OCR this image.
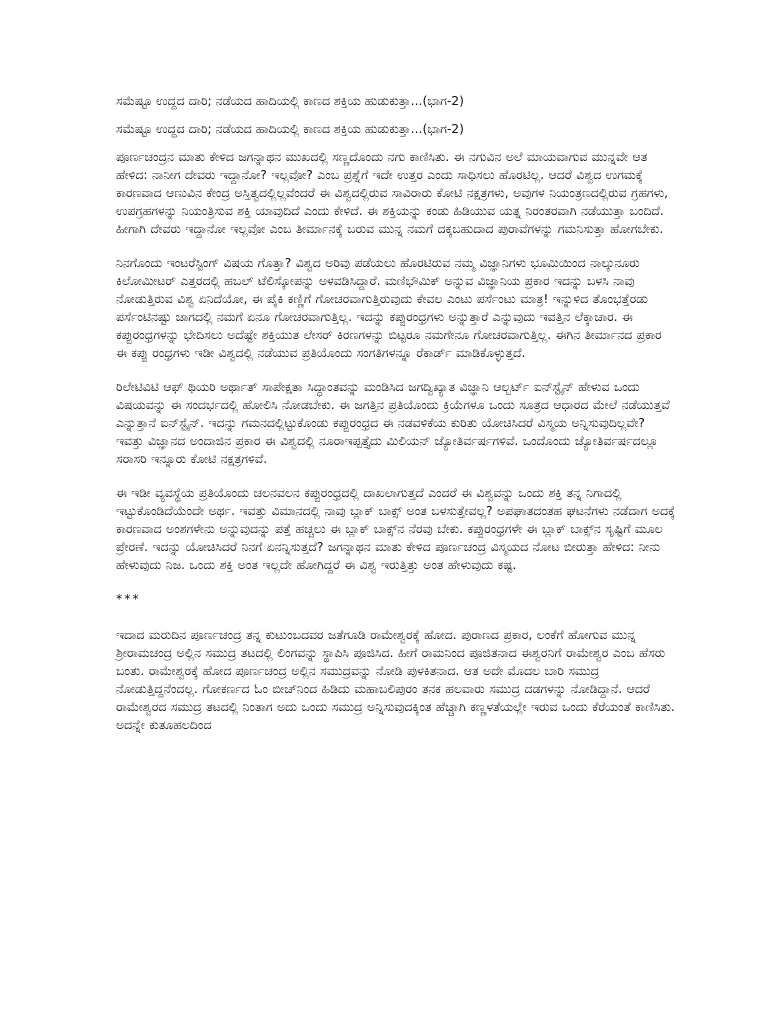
ಸಮೆಷ್ಟೂ ಉದ್ದದ ದಾರಿ; ನಡೆಯದ ಹಾದಿಯಲ್ಲಿ ಕಾಣದ ಶಕ್ತಿಯ ಹುಡುಕುತ್ತಾ...(ಭಾಗ-2)
ಸಮೆಷ್ಟೂ ಉದ್ದದ ದಾರಿ; ನಡೆಯದ ಹಾದಿಯಲ್ಲಿ ಕಾಣದ ಶಕ್ತಿಯ ಹುಡುಕುತ್ತಾ...(ಭಾಗ-2)

ಪೂರ್ಣಚಂದ್ರನ ಮಾತು ಕೇಳಿದ ಜಗನ್ನಾಥನ ಮುಖದಲ್ಲಿ ಸಣ್ಣದೊಂದು ನಗು ಕಾಣಿಸಿತು. ಈ ನಗುವಿನ ಅಲೆ ಮಾಯವಾಗುವ ಮುನ್ನವೇ ಆತ ಹೇಳಿದ: ನಾನೀಗ ದೇವರು ಇದ್ದಾನೋ? ಇಲ್ಲವೋ? ಎಂಬ ಪ್ರಶ್ನೆಗೆ ಇದೇ ಉತ್ತರ ಎಂದು ಸಾಧಿಸಲು ಹೊರಟಿಲ್ಲ. ಆದರೆ ವಿಶ್ವದ ಉಗಮಕ್ಕೆ ಕಾರಣವಾದ ಆಣುವಿನ ಕೇಂದ್ರ ಅಸ್ತಿತ್ವದಲ್ಲಿಲ್ಲವೆಂದರೆ ಈ ವಿಶ್ವದಲ್ಲಿರುವ ಸಾವಿರಾರು ಕೋಟಿ ನಕ್ಷತ್ರಗಳು, ಅವುಗಳ ನಿಯಂತ್ರಣದಲ್ಲಿರುವ ಗ್ರಹಗಳು, ಉಪಗ್ರಹಗಳನ್ನು ನಿಯಂತ್ರಿಸುವ ಶಕ್ತಿ ಯಾವುದಿದೆ ಎಂದು ಕೇಳಿದೆ. ಈ ಶಕ್ತಿಯನ್ನು ಕಂಡು ಹಿಡಿಯುವ ಯತ್ನ ನಿರಂತರವಾಗಿ ನಡೆಯುತ್ತಾ ಬಂದಿದೆ. ಹೀಗಾಗಿ ದೇವರು ಇದ್ದಾನೋ ಇಲ್ಲವೋ ಎಂಬ ತೀರ್ಮಾನಕ್ಕೆ ಬರುವ ಮುನ್ನ ನಮಗೆ ದಕ್ಕಬಹುದಾದ ಪುರಾವೆಗಳನ್ನು ಗಮನಿಸುತ್ತಾ ಹೋಗಬೇಕು.

ನಿನಗೊಂದು ಇಂಟರೆಸ್ಟಿಂಗ್ ವಿಷಯ ಗೊತ್ತಾ? ವಿಶ್ವದ ಅರಿವು ಪಡೆಯಲು ಹೊರಟಿರುವ ನಮ್ಮ ವಿಜ್ಞಾನಿಗಳು ಭೂಮಿಯಿಂದ ನಾಲ್ಕುನೂರು ಕಿಲೋಮೀಟರ್ ಎತ್ತರದಲ್ಲಿ ಹಬಲ್ ಟೆಲಿಸ್ಕೋಪನ್ನು ಅಳವಡಿಸಿದ್ದಾರೆ. ಮಣಿಭೌಮಿಕ್ ಅನ್ನುವ ವಿಜ್ಞಾನಿಯ ಪ್ರಕಾರ ಇದನ್ನು ಬಳಸಿ ನಾವು ನೋಡುತ್ತಿರುವ ವಿಶ್ವ ಏನಿದೆಯೋ, ಈ ಪೈಕಿ ಕಣ್ಣಿಗೆ ಗೋಚರವಾಗುತ್ತಿರುವುದು ಕೇವಲ ಎಂಟು ಪರ್ಸೆಂಟು ಮಾತ್ರ! ಇನ್ನುಳಿದ ತೊಂಭತ್ತೆರಡು ಪರ್ಸೆಂಟಿನಷ್ಟು ಜಾಗದಲ್ಲಿ ನಮಗೆ ಏನೂ ಗೋಚರವಾಗುತ್ತಿಲ್ಲ. ಇದನ್ನು ಕಪ್ಪುರಂಧ್ರಗಳು ಅನ್ನುತ್ತಾರೆ ಎನ್ನುವುದು ಇವತ್ತಿನ ಲೆಕ್ಕಾಚಾರ. ಈ ಕಪ್ಪುರಂಧ್ರಗಳನ್ನು ಭೇದಿಸಲು ಅದೆಷ್ಟೇ ಶಕ್ತಿಯುತ ಲೇಸರ್ ಕಿರಣಗಳನ್ನು ಬಿಟ್ಟರೂ ನಮಗೇನೂ ಗೋಚರವಾಗುತ್ತಿಲ್ಲ. ಈಗಿನ ತೀರ್ಮಾನದ ಪ್ರಕಾರ ಈ ಕಪ್ಪು ರಂಧ್ರಗಳು ಇಡೀ ವಿಶ್ವದಲ್ಲಿ ನಡೆಯುವ ಪ್ರತಿಯೊಂದು ಸಂಗತಿಗಳನ್ನೂ ರೆಕಾರ್ಡ್ ಮಾಡಿಕೊಳ್ಳುತ್ತದೆ.

ರಿಲೇಟಿವಿಟಿ ಆಫ್ ಥಿಯರಿ ಅರ್ಥಾತ್ ಸಾಪೇಕ್ಷತಾ ಸಿದ್ಧಾಂತವನ್ನು ಮಂಡಿಸಿದ ಜಗದ್ವಿಖ್ಯಾತ ವಿಜ್ಞಾನಿ ಆಲ್ಬರ್ಟ್ ಐನ್‌ಸ್ಟೈನ್ ಹೇಳುವ ಒಂದು ವಿಷಯವನ್ನು ಈ ಸಂದರ್ಭದಲ್ಲಿ ಹೋಲಿಸಿ ನೋಡಬೇಕು. ಈ ಜಗತ್ತಿನ ಪ್ರತಿಯೊಂದು ಕ್ರಿಯೆಗಳೂ ಒಂದು ಸೂತ್ರದ ಆಧಾರದ ಮೇಲೆ ನಡೆಯುತ್ತವೆ ಎನ್ನುತ್ತಾನೆ ಐನ್‌ಸ್ಟೈನ್. ಇದನ್ನು ಗಮನದಲ್ಲಿಟ್ಟುಕೊಂಡು ಕಪ್ಪುರಂಧ್ರದ ಈ ನಡವಳಿಕೆಯ ಕುರಿತು ಯೋಚಿಸಿದರೆ ವಿಸ್ಮಯ ಅನ್ನಿಸುವುದಿಲ್ಲವೇ? ಇವತ್ತು ವಿಜ್ಞಾನದ ಅಂದಾಜಿನ ಪ್ರಕಾರ ಈ ವಿಶ್ವದಲ್ಲಿ ನೂರಾಇಪ್ಪತ್ತೈದು ಮಿಲಿಯನ್ ಜ್ಯೋತಿರ್ವರ್ಷಗಳಿವೆ. ಒಂದೊಂದು ಜ್ಯೋತಿರ್ವರ್ಷದಲ್ಲೂ ಸರಾಸರಿ ಇನ್ನೂರು ಕೋಟಿ ನಕ್ಷತ್ರಗಳಿವೆ.

ಈ ಇಡೀ ವ್ಯವಸ್ಥೆಯ ಪ್ರತಿಯೊಂದು ಚಲನವಲನ ಕಪ್ಪುರಂಧ್ರದಲ್ಲಿ ದಾಖಲಾಗುತ್ತದೆ ಎಂದರೆ ಈ ವಿಶ್ವವನ್ನು ಒಂದು ಶಕ್ತಿ ತನ್ನ ನಿಗಾದಲ್ಲಿ ಇಟ್ಟುಕೊಂಡಿದೆಯೆಂದೇ ಅರ್ಥ. ಇವತ್ತು ವಿಮಾನದಲ್ಲಿ ನಾವು ಬ್ಲಾಕ್ ಬಾಕ್ಸ್ ಅಂತ ಬಳಸುತ್ತೇವಲ್ಲ? ಅಪಘಾತದಂತಹ ಘಟನೆಗಳು ನಡೆದಾಗ ಅದಕ್ಕೆ ಕಾರಣವಾದ ಅಂಶಗಳೇನು ಅನ್ನುವುದನ್ನು ಪತ್ತೆ ಹಚ್ಚಲು ಈ ಬ್ಲಾಕ್ ಬಾಕ್ಸ್‌ನ ನೆರವು ಬೇಕು. ಕಪ್ಪುರಂಧ್ರಗಳೇ ಈ ಬ್ಲಾಕ್ ಬಾಕ್ಸ್‌ನ ಸೃಷ್ಟಿಗೆ ಮೂಲ ಪ್ರೇರಣೆ. ಇದನ್ನು ಯೋಚಿಸಿದರೆ ನಿನಗೆ ಏನನ್ನಿಸುತ್ತದೆ? ಜಗನ್ನಾಥನ ಮಾತು ಕೇಳಿದ ಪೂರ್ಣಚಂದ್ರ ವಿಸ್ಮಯದ ನೋಟ ಬೀರುತ್ತಾ ಹೇಳಿದ: ನೀನು ಹೇಳುವುದು ನಿಜ. ಒಂದು ಶಕ್ತಿ ಅಂತ ಇಲ್ಲದೇ ಹೋಗಿದ್ದರೆ ಈ ವಿಶ್ವ ಇರುತ್ತಿತ್ತು ಅಂತ ಹೇಳುವುದು ಕಷ್ಟ.

***

ಇದಾದ ಮರುದಿನ ಪೂರ್ಣಚಂದ್ರ ತನ್ನ ಕುಟುಂಬದವರ ಜತೆಗೂಡಿ ರಾಮೇಶ್ವರಕ್ಕೆ ಹೋದ. ಪುರಾಣದ ಪ್ರಕಾರ, ಲಂಕೆಗೆ ಹೋಗುವ ಮುನ್ನ ಶ್ರೀರಾಮಚಂದ್ರ ಅಲ್ಲಿನ ಸಮುದ್ರ ತಟದಲ್ಲಿ ಲಿಂಗವನ್ನು ಸ್ಥಾಪಿಸಿ ಪೂಜಿಸಿದ. ಹೀಗೆ ರಾಮನಿಂದ ಪೂಜಿತನಾದ ಈಶ್ವರನಿಗೆ ರಾಮೇಶ್ವರ ಎಂಬ ಹೆಸರು ಬಂತು. ರಾಮೇಶ್ವರಕ್ಕೆ ಹೋದ ಪೂರ್ಣಚಂದ್ರ ಅಲ್ಲಿನ ಸಮುದ್ರವನ್ನು ನೋಡಿ ಪುಳಕಿತನಾದ. ಆತ ಅದೇ ಮೊದಲ ಬಾರಿ ಸಮುದ್ರ ನೋಡುತ್ತಿದ್ದನೆಂದಲ್ಲ. ಗೋಕರ್ಣದ ಓಂ ಬೀಚ್‌ನಿಂದ ಹಿಡಿದು ಮಹಾಬಲಿಪುರಂ ತನಕ ಹಲವಾರು ಸಮುದ್ರ ದಡಗಳನ್ನು ನೋಡಿದ್ದಾನೆ. ಆದರೆ ರಾಮೇಶ್ವರದ ಸಮುದ್ರ ತಟದಲ್ಲಿ ನಿಂತಾಗ ಅದು ಒಂದು ಸಮುದ್ರ ಅನ್ನಿಸುವುದಕ್ಕಿಂತ ಹೆಚ್ಚಾಗಿ ಕಣ್ಣಳತೆಯಲ್ಲೇ ಇರುವ ಒಂದು ಕೆರೆಯಂತೆ ಕಾಣಿಸಿತು. ಅದನ್ನೇ ಕುತೂಹಲದಿಂದ
